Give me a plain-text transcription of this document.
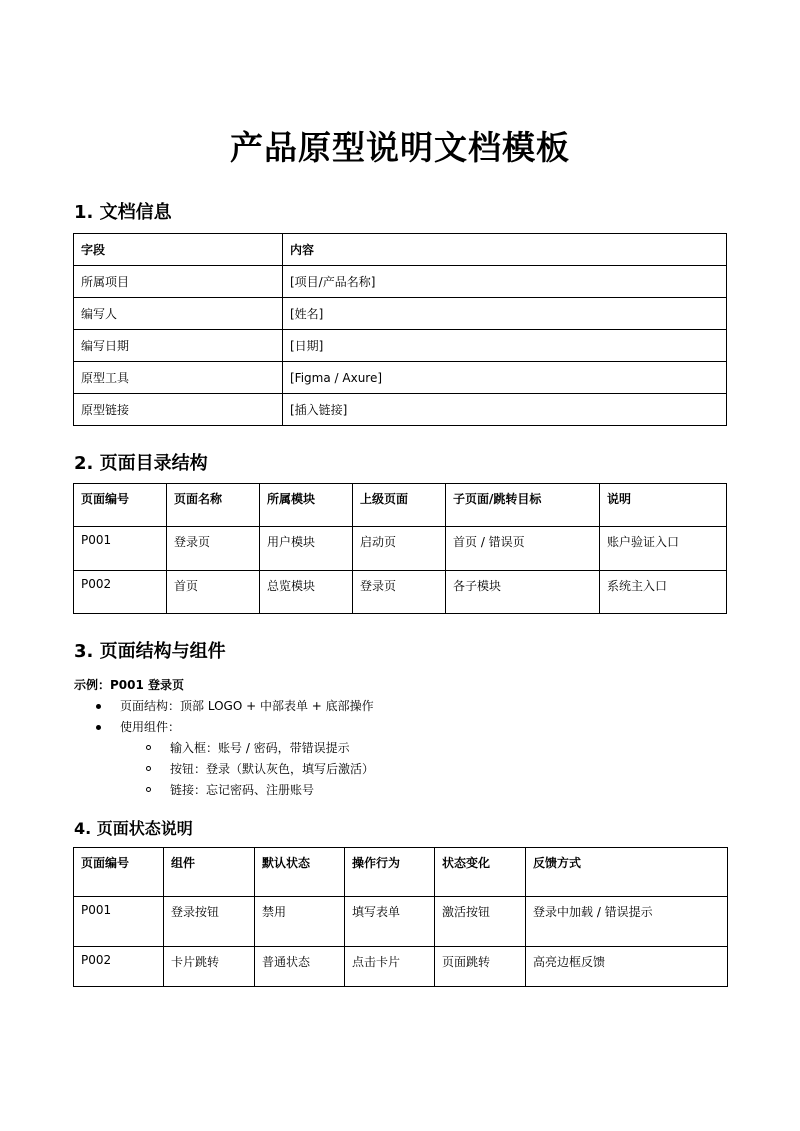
产品原型说明文档模板
1. 文档信息
字段	内容
所属项目	[项目/产品名称]
编写人	[姓名]
编写日期	[日期]
原型工具	[Figma / Axure]
原型链接	[插入链接]
2. 页面目录结构
页面编号	页面名称	所属模块	上级页面	子页面/跳转目标	说明
P001	登录页	用户模块	启动页	首页 / 错误页	账户验证入口
P002	首页	总览模块	登录页	各子模块	系统主入口
3. 页面结构与组件
示例：P001 登录页
页面结构：顶部 LOGO + 中部表单 + 底部操作
使用组件：
输入框：账号 / 密码，带错误提示
按钮：登录（默认灰色，填写后激活）
链接：忘记密码、注册账号
4. 页面状态说明
页面编号	组件	默认状态	操作行为	状态变化	反馈方式
P001	登录按钮	禁用	填写表单	激活按钮	登录中加载 / 错误提示
P002	卡片跳转	普通状态	点击卡片	页面跳转	高亮边框反馈
